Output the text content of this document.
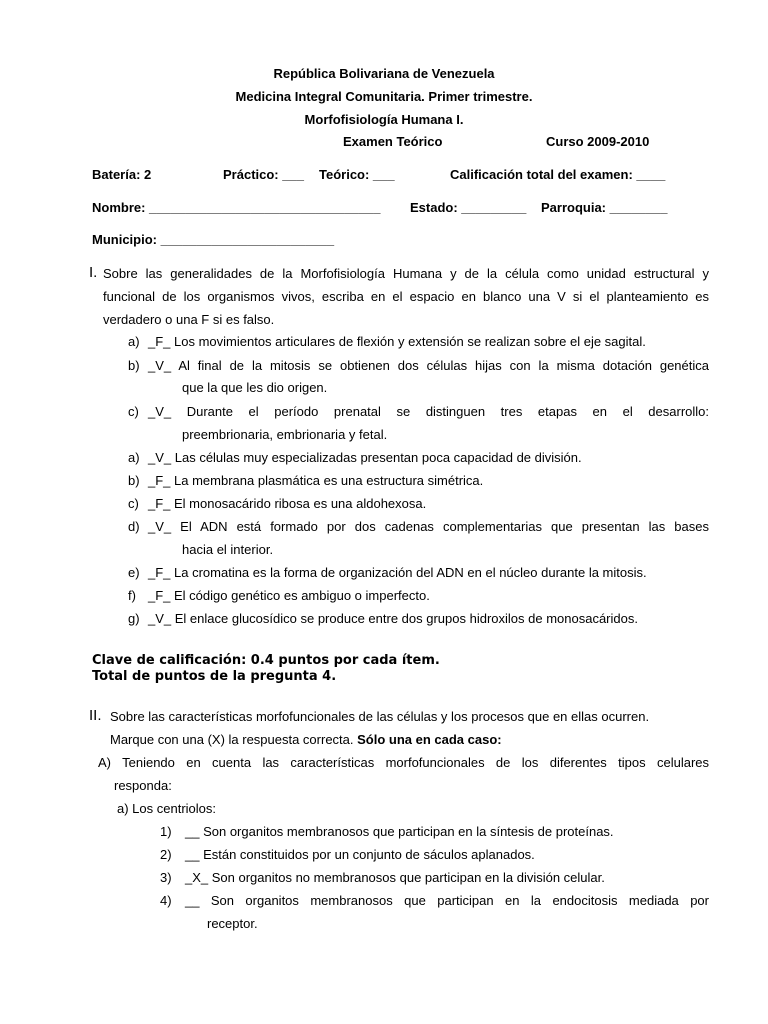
República Bolivariana de Venezuela
Medicina Integral Comunitaria. Primer trimestre.
Morfofisiología Humana I.
Examen Teórico	Curso 2009-2010
Batería: 2	Práctico: ___ Teórico: ___	Calificación total del examen: ____
Nombre: ________________________________ Estado: _________ Parroquia: ________
Municipio: ________________________
I. Sobre las generalidades de la Morfofisiología Humana y de la célula como unidad estructural y
funcional de los organismos vivos, escriba en el espacio en blanco una V si el planteamiento es
verdadero o una F si es falso.
a) _F_ Los movimientos articulares de flexión y extensión se realizan sobre el eje sagital.
b) _V_ Al final de la mitosis se obtienen dos células hijas con la misma dotación genética
que la que les dio origen.
c) _V_ Durante el período prenatal se distinguen tres etapas en el desarrollo:
preembrionaria, embrionaria y fetal.
a) _V_ Las células muy especializadas presentan poca capacidad de división.
b) _F_ La membrana plasmática es una estructura simétrica.
c) _F_ El monosacárido ribosa es una aldohexosa.
d) _V_ El ADN está formado por dos cadenas complementarias que presentan las bases
hacia el interior.
e) _F_ La cromatina es la forma de organización del ADN en el núcleo durante la mitosis.
f) _F_ El código genético es ambiguo o imperfecto.
g) _V_ El enlace glucosídico se produce entre dos grupos hidroxilos de monosacáridos.
Clave de calificación: 0.4 puntos por cada ítem.
Total de puntos de la pregunta 4.
II. Sobre las características morfofuncionales de las células y los procesos que en ellas ocurren.
Marque con una (X) la respuesta correcta. Sólo una en cada caso:
A) Teniendo en cuenta las características morfofuncionales de los diferentes tipos celulares
responda:
a) Los centriolos:
1) __ Son organitos membranosos que participan en la síntesis de proteínas.
2) __ Están constituidos por un conjunto de sáculos aplanados.
3) _X_ Son organitos no membranosos que participan en la división celular.
4) __ Son organitos membranosos que participan en la endocitosis mediada por
receptor.
